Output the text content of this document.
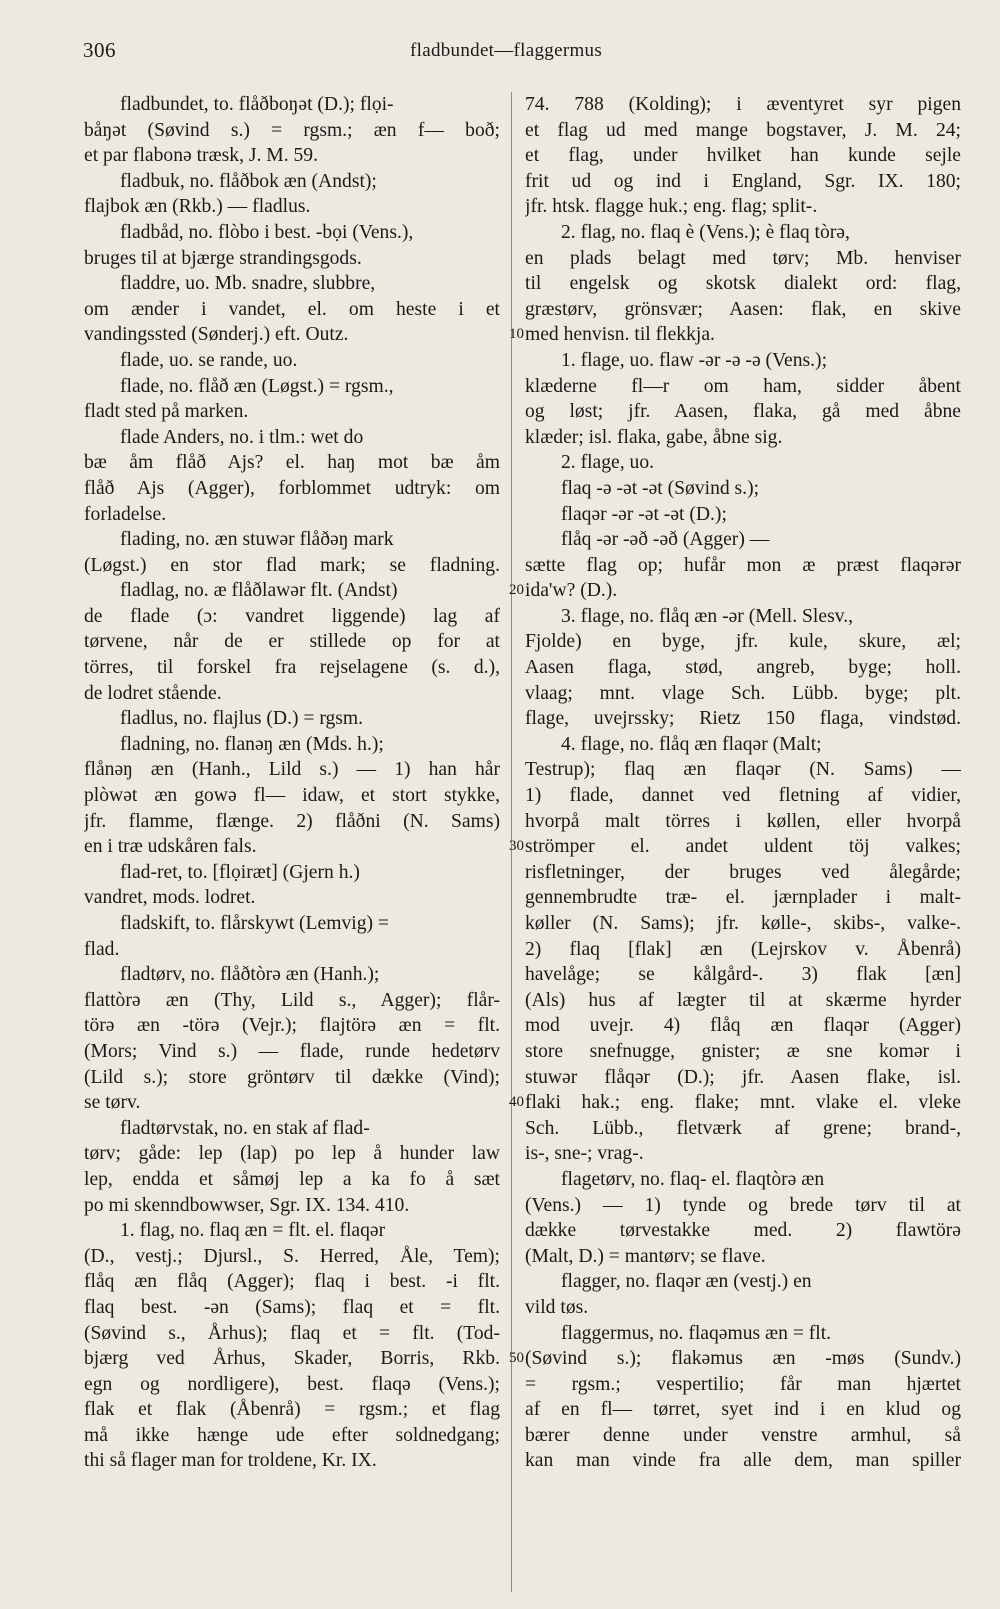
306	fladbundet—flaggermus
fladbundet, to. flåðboŋət (D.); flọi-
båŋət (Søvind s.) = rgsm.; æn f— boð;
et par flabonə træsk, J. M. 59.
fladbuk, no. flåðbok æn (Andst);
flajbok æn (Rkb.) — fladlus.
fladbåd, no. flòbo i best. -bọi (Vens.),
bruges til at bjærge strandingsgods.
fladdre, uo. Mb. snadre, slubbre,
om ænder i vandet, el. om heste i et
vandingssted (Sønderj.) eft. Outz.
flade, uo. se rande, uo.
flade, no. flåð æn (Løgst.) = rgsm.,
fladt sted på marken.
flade Anders, no. i tlm.: wet do
bæ åm flåð Ajs? el. haŋ mot bæ åm
flåð Ajs (Agger), forblommet udtryk: om
forladelse.
flading, no. æn stuwər flåðəŋ mark
(Løgst.) en stor flad mark; se fladning.
fladlag, no. æ flåðlawər flt. (Andst)
de flade (ɔ: vandret liggende) lag af
tørvene, når de er stillede op for at
törres, til forskel fra rejselagene (s. d.),
de lodret stående.
fladlus, no. flajlus (D.) = rgsm.
fladning, no. flanəŋ æn (Mds. h.);
flånəŋ æn (Hanh., Lild s.) — 1) han hår
plòwət æn gowə fl— idaw, et stort stykke,
jfr. flamme, flænge. 2) flåðni (N. Sams)
en i træ udskåren fals.
flad-ret, to. [flọiræt] (Gjern h.)
vandret, mods. lodret.
fladskift, to. flårskywt (Lemvig) =
flad.
fladtørv, no. flåðtòrə æn (Hanh.);
flattòrə æn (Thy, Lild s., Agger); flår-
törə æn -törə (Vejr.); flajtörə æn = flt.
(Mors; Vind s.) — flade, runde hedetørv
(Lild s.); store gröntørv til dække (Vind);
se tørv.
fladtørvstak, no. en stak af flad-
tørv; gåde: lep (lap) po lep å hunder law
lep, endda et såmøj lep a ka fo å sæt
po mi skenndbowwser, Sgr. IX. 134. 410.
1. flag, no. flaq æn = flt. el. flaqər
(D., vestj.; Djursl., S. Herred, Åle, Tem);
flåq æn flåq (Agger); flaq i best. -i flt.
flaq best. -ən (Sams); flaq et = flt.
(Søvind s., Århus); flaq et = flt. (Tod-
bjærg ved Århus, Skader, Borris, Rkb.
egn og nordligere), best. flaqə (Vens.);
flak et flak (Åbenrå) = rgsm.; et flag
må ikke hænge ude efter soldnedgang;
thi så flager man for troldene, Kr. IX.
74. 788 (Kolding); i æventyret syr pigen
et flag ud med mange bogstaver, J. M. 24;
et flag, under hvilket han kunde sejle
frit ud og ind i England, Sgr. IX. 180;
jfr. htsk. flagge huk.; eng. flag; split-.
2. flag, no. flaq è (Vens.); è flaq tòrə,
en plads belagt med tørv; Mb. henviser
til engelsk og skotsk dialekt ord: flag,
græstørv, grönsvær; Aasen: flak, en skive
med henvisn. til flekkja.
1. flage, uo. flaw -ər -ə -ə (Vens.);
klæderne fl—r om ham, sidder åbent
og løst; jfr. Aasen, flaka, gå med åbne
klæder; isl. flaka, gabe, åbne sig.
2. flage, uo.
flaq -ə -ət -ət (Søvind s.);
flaqər -ər -ət -ət (D.);
flåq -ər -əð -əð (Agger) —
sætte flag op; hufår mon æ præst flaqərər
ida'w? (D.).
3. flage, no. flåq æn -ər (Mell. Slesv.,
Fjolde) en byge, jfr. kule, skure, æl;
Aasen flaga, stød, angreb, byge; holl.
vlaag; mnt. vlage Sch. Lübb. byge; plt.
flage, uvejrssky; Rietz 150 flaga, vindstød.
4. flage, no. flåq æn flaqər (Malt;
Testrup); flaq æn flaqər (N. Sams) —
1) flade, dannet ved fletning af vidier,
hvorpå malt törres i køllen, eller hvorpå
strömper el. andet uldent töj valkes;
risfletninger, der bruges ved ålegårde;
gennembrudte træ- el. jærnplader i malt-
køller (N. Sams); jfr. kølle-, skibs-, valke-.
2) flaq [flak] æn (Lejrskov v. Åbenrå)
havelåge; se kålgård-. 3) flak [æn]
(Als) hus af lægter til at skærme hyrder
mod uvejr. 4) flåq æn flaqər (Agger)
store snefnugge, gnister; æ sne komər i
stuwər flåqər (D.); jfr. Aasen flake, isl.
flaki hak.; eng. flake; mnt. vlake el. vleke
Sch. Lübb., fletværk af grene; brand-,
is-, sne-; vrag-.
flagetørv, no. flaq- el. flaqtòrə æn
(Vens.) — 1) tynde og brede tørv til at
dække tørvestakke med. 2) flawtörə
(Malt, D.) = mantørv; se flave.
flagger, no. flaqər æn (vestj.) en
vild tøs.
flaggermus, no. flaqəmus æn = flt.
(Søvind s.); flakəmus æn -møs (Sundv.)
= rgsm.; vespertilio; får man hjærtet
af en fl— tørret, syet ind i en klud og
bærer denne under venstre armhul, så
kan man vinde fra alle dem, man spiller
10
20
30
40
50
